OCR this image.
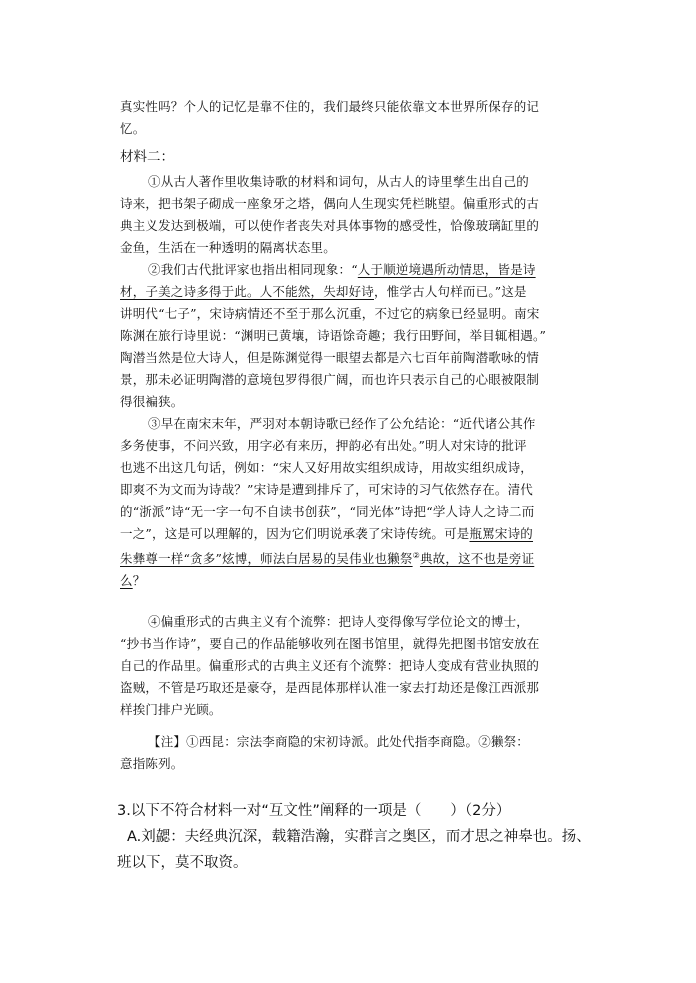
真实性吗？个人的记忆是靠不住的，我们最终只能依靠文本世界所保存的记
忆。
材料二：
①从古人著作里收集诗歌的材料和词句，从古人的诗里孳生出自己的
诗来，把书架子砌成一座象牙之塔，偶向人生现实凭栏眺望。偏重形式的古
典主义发达到极端，可以使作者丧失对具体事物的感受性，恰像玻璃缸里的
金鱼，生活在一种透明的隔离状态里。
②我们古代批评家也指出相同现象：“人于顺逆境遇所动情思，皆是诗
材，子美之诗多得于此。人不能然，失却好诗，惟学古人句样而已。”这是
讲明代“七子”，宋诗病情还不至于那么沉重，不过它的病象已经显明。南宋
陈渊在旅行诗里说：“渊明已黄壤，诗语馀奇趣；我行田野间，举目辄相遇。”
陶潜当然是位大诗人，但是陈渊觉得一眼望去都是六七百年前陶潜歌咏的情
景，那未必证明陶潜的意境包罗得很广阔，而也许只表示自己的心眼被限制
得很褊狭。
③早在南宋末年，严羽对本朝诗歌已经作了公允结论：“近代诸公其作
多务使事，不问兴致，用字必有来历，押韵必有出处。”明人对宋诗的批评
也逃不出这几句话，例如：“宋人又好用故实组织成诗，用故实组织成诗，
即爽不为文而为诗哉？”宋诗是遭到排斥了，可宋诗的习气依然存在。清代
的“浙派”诗“无一字一句不自读书创获”，“同光体”诗把“学人诗人之诗二而
一之”，这是可以理解的，因为它们明说承袭了宋诗传统。可是瓶罵宋诗的
朱彝尊一样“贪多”炫博，师法白居易的吴伟业也獭祭②典故，这不也是旁证
么？
④偏重形式的古典主义有个流弊：把诗人变得像写学位论文的博士，
“抄书当作诗”，要自己的作品能够收列在图书馆里，就得先把图书馆安放在
自己的作品里。偏重形式的古典主义还有个流弊：把诗人变成有营业执照的
盗贼，不管是巧取还是豪夺，是西昆体那样认准一家去打劫还是像江西派那
样挨门排户光顾。
【注】①西昆：宗法李商隐的宋初诗派。此处代指李商隐。②獭祭：
意指陈列。
3.以下不符合材料一对“互文性”阐释的一项是（　　）（2分）
A.刘勰：夫经典沉深，载籍浩瀚，实群言之奥区，而才思之神皋也。扬、
班以下，莫不取资。
